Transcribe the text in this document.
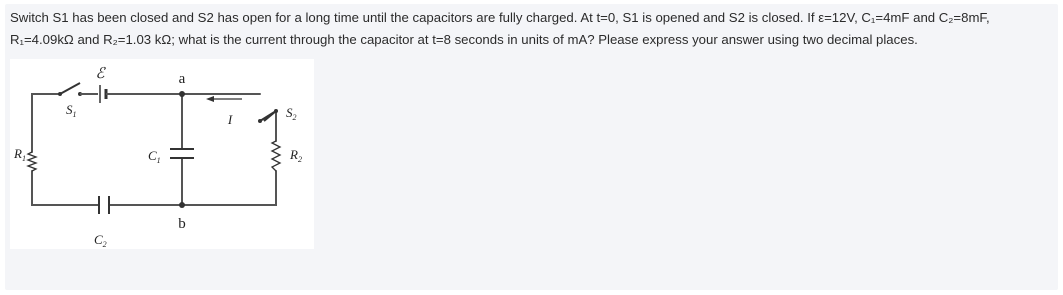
Switch S1 has been closed and S2 has open for a long time until the capacitors are fully charged. At t=0, S1 is opened and S2 is closed. If ε=12V, C₁=4mF and C₂=8mF,
R₁=4.09kΩ and R₂=1.03 kΩ; what is the current through the capacitor at t=8 seconds in units of mA? Please express your answer using two decimal places.

ℰ	a
b
I
$S_1$	$S_2$
$R_1$	$R_2$
$C_1$
$C_2$
